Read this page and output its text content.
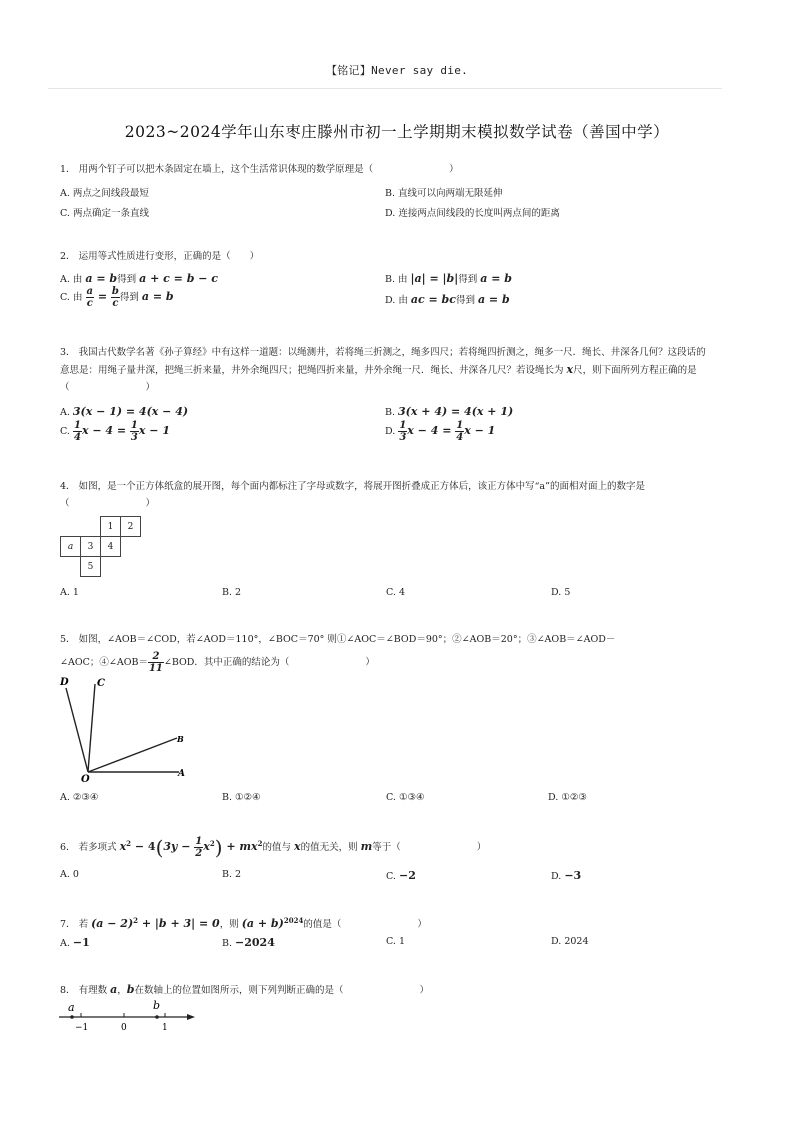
【铭记】Never say die.
2023~2024学年山东枣庄滕州市初一上学期期末模拟数学试卷（善国中学）
1． 用两个钉子可以把木条固定在墙上，这个生活常识体现的数学原理是（　　　　　　　　）
A. 两点之间线段最短	B. 直线可以向两端无限延伸
C. 两点确定一条直线	D. 连接两点间线段的长度叫两点间的距离
2． 运用等式性质进行变形，正确的是（　　）
A. 由 a = b得到 a + c = b − c	B. 由 |a| = |b|得到 a = b
C. 由 $\frac{a}{c} = \frac{b}{c}$ 得到 a = b	D. 由 ac = bc得到 a = b
3． 我国古代数学名著《孙子算经》中有这样一道题：以绳测井，若将绳三折测之，绳多四尺；若将绳四折测之，绳多一尺．绳长、井深各几何？这段话的意思是：用绳子量井深，把绳三折来量，井外余绳四尺；把绳四折来量，井外余绳一尺．绳长、井深各几尺？若设绳长为 x尺，则下面所列方程正确的是（　　　　　　　　）
A. 3(x − 1) = 4(x − 4)	B. 3(x + 4) = 4(x + 1)
C. $\frac{1}{4}$ $x - 4 = \frac{1}{3}$ x − 1	D. $\frac{1}{3}$ $x - 4 = \frac{1}{4}$ x − 1
4． 如图，是一个正方体纸盒的展开图，每个面内都标注了字母或数字，将展开图折叠成正方体后，该正方体中写“a”的面相对面上的数字是（　　　　　　　　）
		1	2
a	3	4	
	5		
A. 1	B. 2	C. 4	D. 5
5． 如图，∠AOB＝∠COD，若∠AOD＝110°，∠BOC＝70° 则①∠AOC＝∠BOD＝90°；②∠AOB＝20°；③∠AOB＝∠AOD－
∠AOC；④∠AOB＝ $\frac{2}{11}$ ∠BOD．其中正确的结论为（　　　　　　　　）
D	C
B
O	A
A. ②③④	B. ①②④	C. ①③④	D. ①②③
6． 若多项式 $x^2 - 4(3y - \frac{1}{2} x^2) + mx^2$的值与 x的值无关，则 m等于（　　　　　　　　）
A. 0	B. 2	C. −2	D. −3
7． 若 $(a - 2)^2 + |b + 3| = 0$，则 $(a + b)^{2024}$的值是（　　　　　　　　）
A. −1	B. −2024	C. 1	D. 2024
8． 有理数 a，b在数轴上的位置如图所示，则下列判断正确的是（　　　　　　　　）
a	b
−1	0	1
